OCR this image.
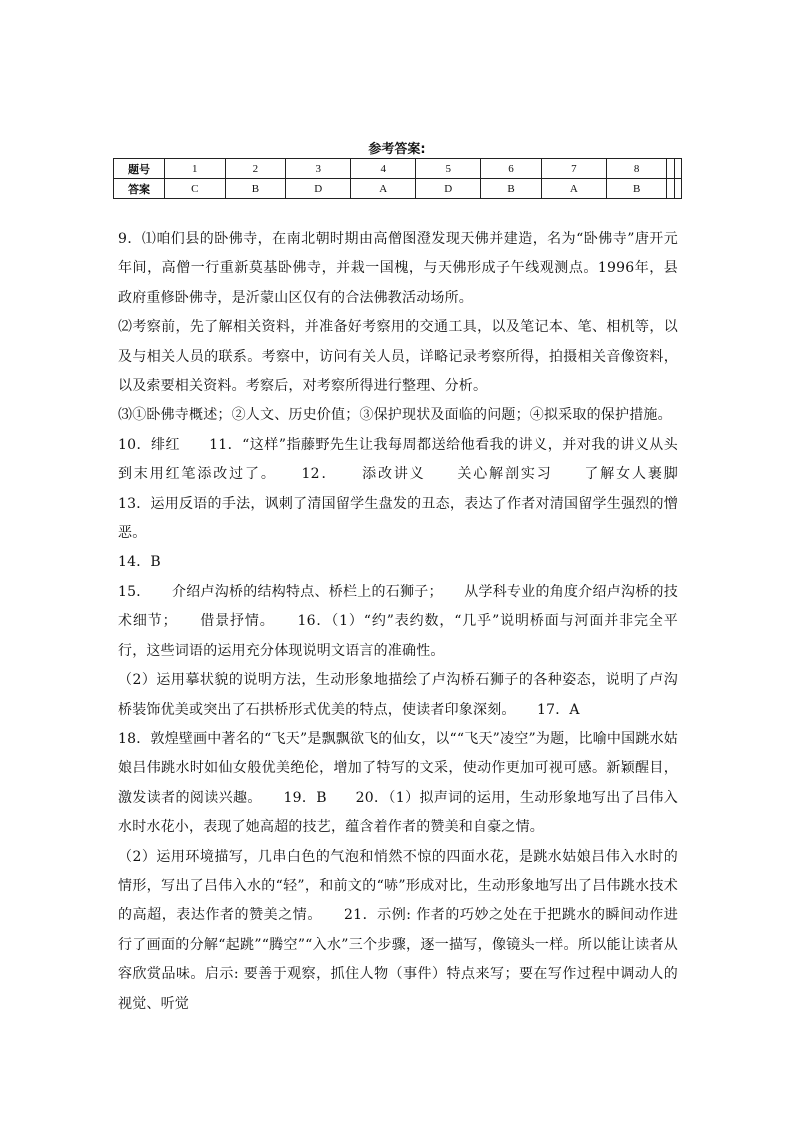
参考答案:
题号	1	2	3	4	5	6	7	8		
答案	C	B	D	A	D	B	A	B		

9．⑴咱们县的卧佛寺，在南北朝时期由高僧图澄发现天佛并建造，名为“卧佛寺”唐开元年间，高僧一行重新莫基卧佛寺，并栽一国槐，与天佛形成子午线观测点。1996年，县政府重修卧佛寺，是沂蒙山区仅有的合法佛教活动场所。

⑵考察前，先了解相关资料，并准备好考察用的交通工具，以及笔记本、笔、相机等，以及与相关人员的联系。考察中，访问有关人员，详略记录考察所得，拍摄相关音像资料，以及索要相关资料。考察后，对考察所得进行整理、分析。

⑶①卧佛寺概述；②人文、历史价值；③保护现状及面临的问题；④拟采取的保护措施。

10．绯红　　11．“这样”指藤野先生让我每周都送给他看我的讲义，并对我的讲义从头到末用红笔添改过了。　　12．　　添改讲义　　关心解剖实习　　了解女人裹脚　　13．运用反语的手法，讽刺了清国留学生盘发的丑态，表达了作者对清国留学生强烈的憎恶。

14．B

15．　　介绍卢沟桥的结构特点、桥栏上的石狮子；　　从学科专业的角度介绍卢沟桥的技术细节；　　借景抒情。　　16．（1）“约”表约数，“几乎”说明桥面与河面并非完全平行，这些词语的运用充分体现说明文语言的准确性。

（2）运用摹状貌的说明方法，生动形象地描绘了卢沟桥石狮子的各种姿态，说明了卢沟桥装饰优美或突出了石拱桥形式优美的特点，使读者印象深刻。　　17．A

18．敦煌壁画中著名的“飞天”是飘飘欲飞的仙女，以““飞天”凌空”为题，比喻中国跳水姑娘吕伟跳水时如仙女般优美绝伦，增加了特写的文采，使动作更加可视可感。新颖醒目，激发读者的阅读兴趣。　　19．B　　20．（1）拟声词的运用，生动形象地写出了吕伟入水时水花小，表现了她高超的技艺，蕴含着作者的赞美和自豪之情。

（2）运用环境描写，几串白色的气泡和悄然不惊的四面水花，是跳水姑娘吕伟入水时的情形，写出了吕伟入水的“轻”，和前文的“哧”形成对比，生动形象地写出了吕伟跳水技术的高超，表达作者的赞美之情。　　21．示例: 作者的巧妙之处在于把跳水的瞬间动作进行了画面的分解“起跳”“腾空”“入水”三个步骤，逐一描写，像镜头一样。所以能让读者从容欣赏品味。启示: 要善于观察，抓住人物（事件）特点来写；要在写作过程中调动人的视觉、听觉
